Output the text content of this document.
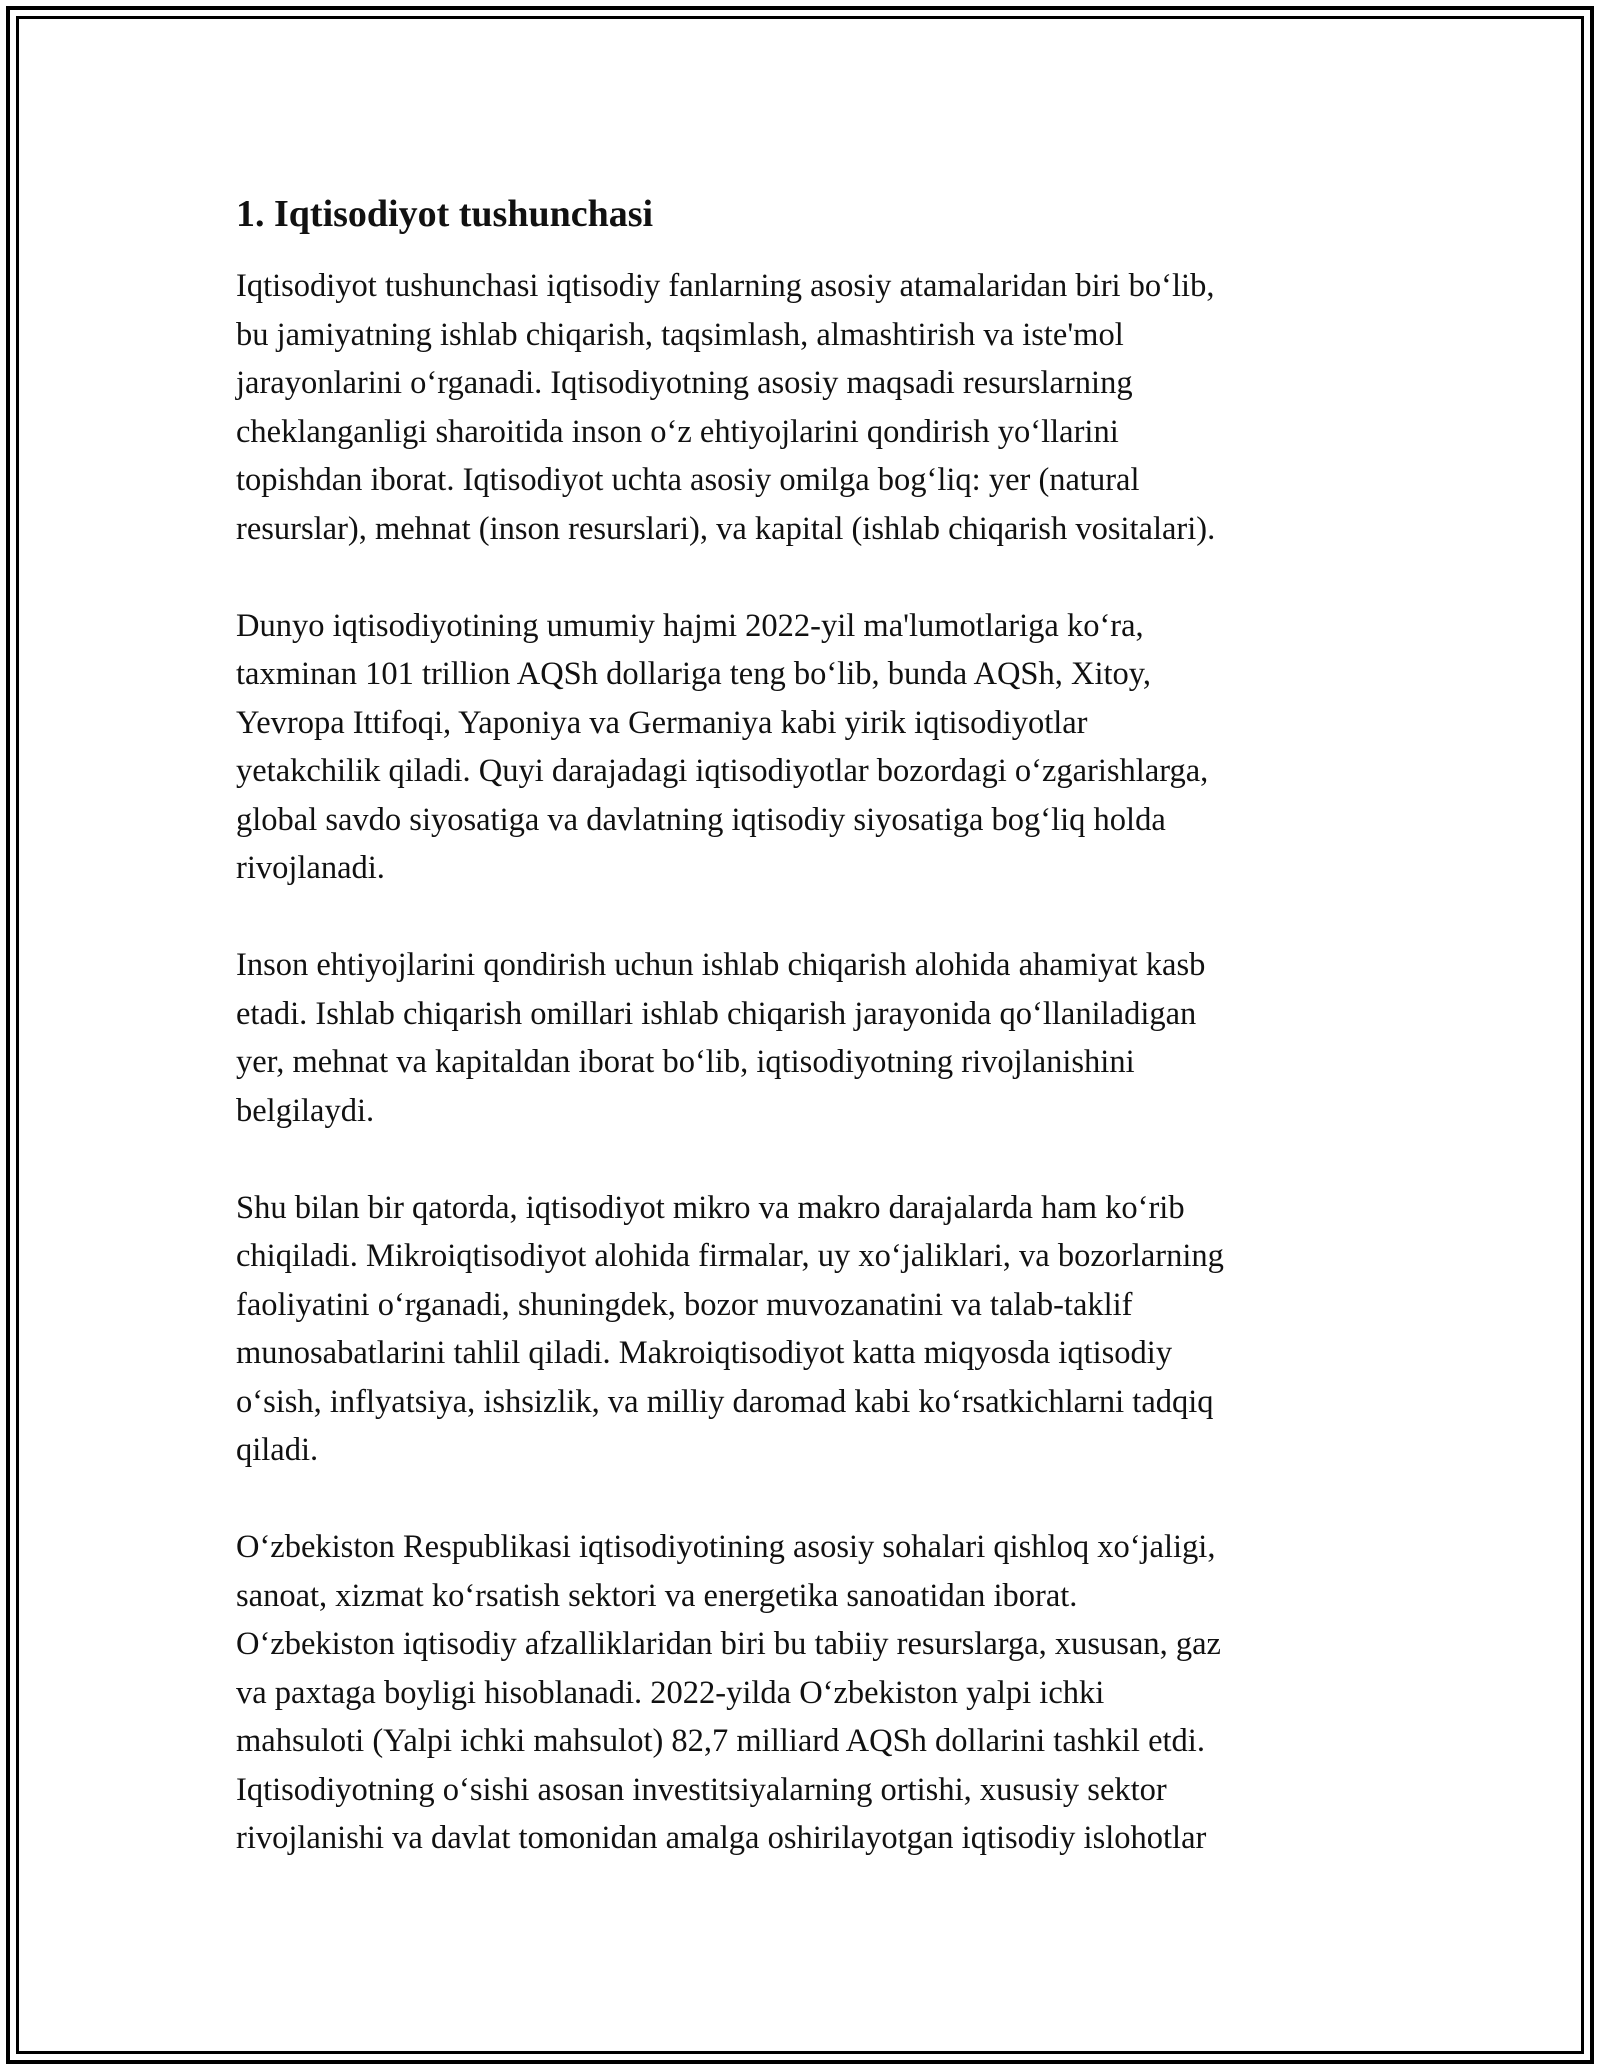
1. Iqtisodiyot tushunchasi

Iqtisodiyot tushunchasi iqtisodiy fanlarning asosiy atamalaridan biri bo‘lib,
bu jamiyatning ishlab chiqarish, taqsimlash, almashtirish va iste'mol
jarayonlarini o‘rganadi. Iqtisodiyotning asosiy maqsadi resurslarning
cheklanganligi sharoitida inson o‘z ehtiyojlarini qondirish yo‘llarini
topishdan iborat. Iqtisodiyot uchta asosiy omilga bog‘liq: yer (natural
resurslar), mehnat (inson resurslari), va kapital (ishlab chiqarish vositalari).

Dunyo iqtisodiyotining umumiy hajmi 2022-yil ma'lumotlariga ko‘ra,
taxminan 101 trillion AQSh dollariga teng bo‘lib, bunda AQSh, Xitoy,
Yevropa Ittifoqi, Yaponiya va Germaniya kabi yirik iqtisodiyotlar
yetakchilik qiladi. Quyi darajadagi iqtisodiyotlar bozordagi o‘zgarishlarga,
global savdo siyosatiga va davlatning iqtisodiy siyosatiga bog‘liq holda
rivojlanadi.

Inson ehtiyojlarini qondirish uchun ishlab chiqarish alohida ahamiyat kasb
etadi. Ishlab chiqarish omillari ishlab chiqarish jarayonida qo‘llaniladigan
yer, mehnat va kapitaldan iborat bo‘lib, iqtisodiyotning rivojlanishini
belgilaydi.

Shu bilan bir qatorda, iqtisodiyot mikro va makro darajalarda ham ko‘rib
chiqiladi. Mikroiqtisodiyot alohida firmalar, uy xo‘jaliklari, va bozorlarning
faoliyatini o‘rganadi, shuningdek, bozor muvozanatini va talab-taklif
munosabatlarini tahlil qiladi. Makroiqtisodiyot katta miqyosda iqtisodiy
o‘sish, inflyatsiya, ishsizlik, va milliy daromad kabi ko‘rsatkichlarni tadqiq
qiladi.

O‘zbekiston Respublikasi iqtisodiyotining asosiy sohalari qishloq xo‘jaligi,
sanoat, xizmat ko‘rsatish sektori va energetika sanoatidan iborat.
O‘zbekiston iqtisodiy afzalliklaridan biri bu tabiiy resurslarga, xususan, gaz
va paxtaga boyligi hisoblanadi. 2022-yilda O‘zbekiston yalpi ichki
mahsuloti (Yalpi ichki mahsulot) 82,7 milliard AQSh dollarini tashkil etdi.
Iqtisodiyotning o‘sishi asosan investitsiyalarning ortishi, xususiy sektor
rivojlanishi va davlat tomonidan amalga oshirilayotgan iqtisodiy islohotlar
